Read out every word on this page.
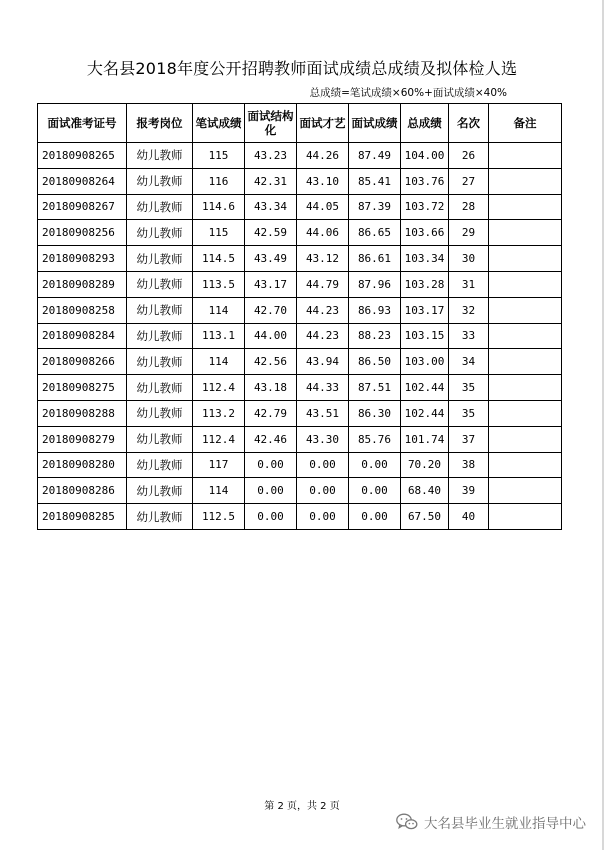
大名县2018年度公开招聘教师面试成绩总成绩及拟体检人选
总成绩=笔试成绩×60%+面试成绩×40%
面试准考证号	报考岗位	笔试成绩	面试结构化	面试才艺	面试成绩	总成绩	名次	备注
20180908265	幼儿教师	115	43.23	44.26	87.49	104.00	26	
20180908264	幼儿教师	116	42.31	43.10	85.41	103.76	27	
20180908267	幼儿教师	114.6	43.34	44.05	87.39	103.72	28	
20180908256	幼儿教师	115	42.59	44.06	86.65	103.66	29	
20180908293	幼儿教师	114.5	43.49	43.12	86.61	103.34	30	
20180908289	幼儿教师	113.5	43.17	44.79	87.96	103.28	31	
20180908258	幼儿教师	114	42.70	44.23	86.93	103.17	32	
20180908284	幼儿教师	113.1	44.00	44.23	88.23	103.15	33	
20180908266	幼儿教师	114	42.56	43.94	86.50	103.00	34	
20180908275	幼儿教师	112.4	43.18	44.33	87.51	102.44	35	
20180908288	幼儿教师	113.2	42.79	43.51	86.30	102.44	35	
20180908279	幼儿教师	112.4	42.46	43.30	85.76	101.74	37	
20180908280	幼儿教师	117	0.00	0.00	0.00	70.20	38	
20180908286	幼儿教师	114	0.00	0.00	0.00	68.40	39	
20180908285	幼儿教师	112.5	0.00	0.00	0.00	67.50	40	
第 2 页，共 2 页
大名县毕业生就业指导中心
